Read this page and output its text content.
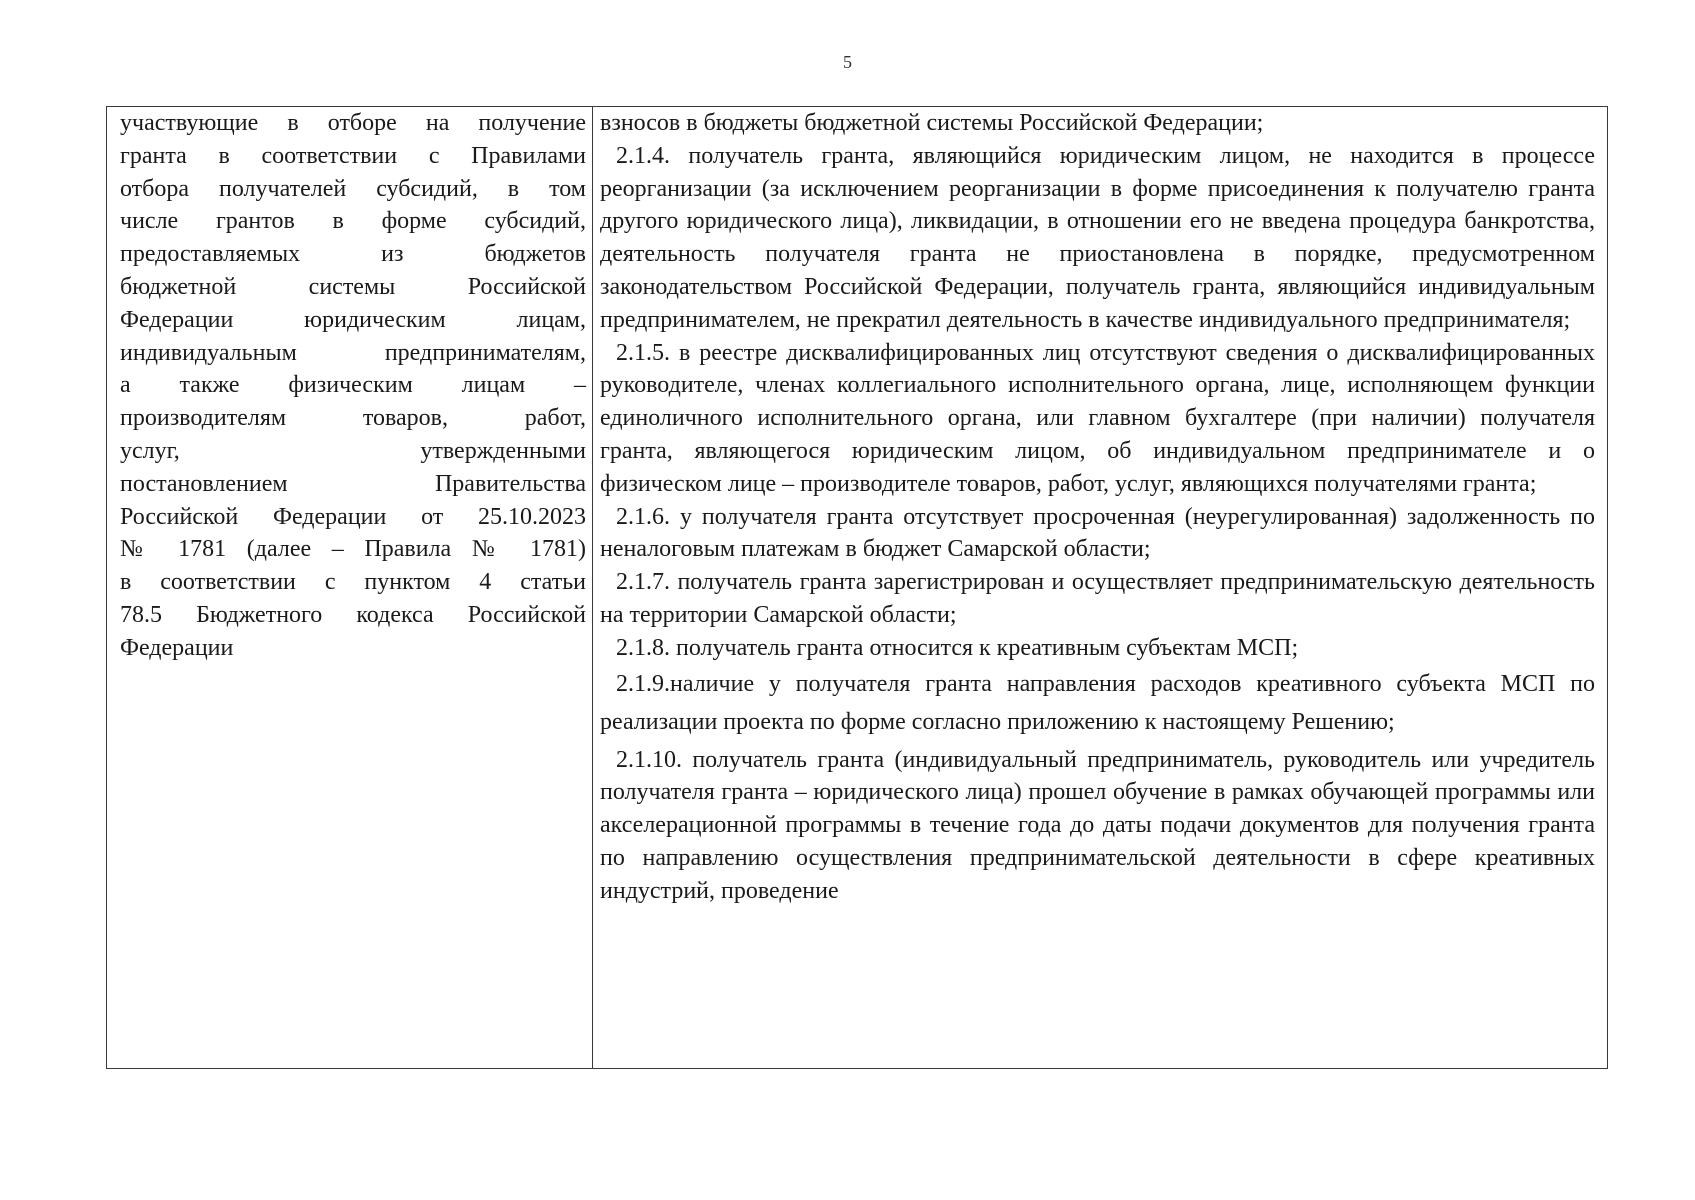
5
участвующие в отборе на получение
гранта в соответствии с Правилами
отбора получателей субсидий, в том
числе грантов в форме субсидий,
предоставляемых из бюджетов
бюджетной системы Российской
Федерации юридическим лицам,
индивидуальным предпринимателям,
а также физическим лицам –
производителям товаров, работ,
услуг, утвержденными
постановлением Правительства
Российской Федерации от 25.10.2023
№ 1781 (далее – Правила № 1781)
в соответствии с пунктом 4 статьи
78.5 Бюджетного кодекса Российской
Федерации

взносов в бюджеты бюджетной системы Российской Федерации;

2.1.4. получатель гранта, являющийся юридическим лицом, не находится в процессе реорганизации (за исключением реорганизации в форме присоединения к получателю гранта другого юридического лица), ликвидации, в отношении его не введена процедура банкротства, деятельность получателя гранта не приостановлена в порядке, предусмотренном законодательством Российской Федерации, получатель гранта, являющийся индивидуальным предпринимателем, не прекратил деятельность в качестве индивидуального предпринимателя;

2.1.5. в реестре дисквалифицированных лиц отсутствуют сведения о дисквалифицированных руководителе, членах коллегиального исполнительного органа, лице, исполняющем функции единоличного исполнительного органа, или главном бухгалтере (при наличии) получателя гранта, являющегося юридическим лицом, об индивидуальном предпринимателе и о физическом лице – производителе товаров, работ, услуг, являющихся получателями гранта;

2.1.6. у получателя гранта отсутствует просроченная (неурегулированная) задолженность по неналоговым платежам в бюджет Самарской области;

2.1.7. получатель гранта зарегистрирован и осуществляет предпринимательскую деятельность на территории Самарской области;

2.1.8. получатель гранта относится к креативным субъектам МСП;

2.1.9.наличие у получателя гранта направления расходов креативного субъекта МСП по реализации проекта по форме согласно приложению к настоящему Решению;

2.1.10. получатель гранта (индивидуальный предприниматель, руководитель или учредитель получателя гранта – юридического лица) прошел обучение в рамках обучающей программы или акселерационной программы в течение года до даты подачи документов для получения гранта по направлению осуществления предпринимательской деятельности в сфере креативных индустрий, проведение
